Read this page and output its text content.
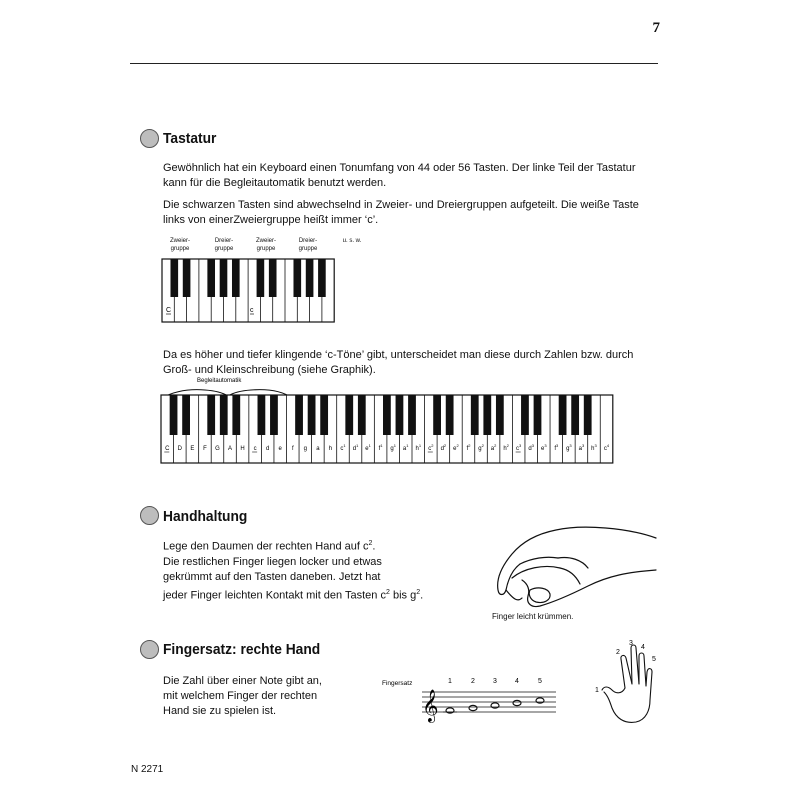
7
Tastatur
Gewöhnlich hat ein Keyboard einen Tonumfang von 44 oder 56 Tasten. Der linke Teil der Tastatur
kann für die Begleitautomatik benutzt werden.
Die schwarzen Tasten sind abwechselnd in Zweier- und Dreiergruppen aufgeteilt. Die weiße Taste
links von einerZweiergruppe heißt immer ‘c’.
Zweier-
gruppe
Dreier-
gruppe
Zweier-
gruppe
Dreier-
gruppe
u. s. w.
C	c
Da es höher und tiefer klingende ‘c-Töne’ gibt, unterscheidet man diese durch Zahlen bzw. durch
Groß- und Kleinschreibung (siehe Graphik).
Begleitautomatik
C D E F G A H c d e f g a h $c^1$
$d^1$
$e^1$
$f^1$
$g^1$
$a^1$
$h^1$
$c^2$
$d^2$
$e^2$
$f^2$
$g^2$
$a^2$
$h^2$
$c^3$
$d^3$
$e^3$
$f^3$
$g^3$
$a^3$
$h^3$
$c^4$
Handhaltung
Lege den Daumen der rechten Hand auf $c^2$.
Die restlichen Finger liegen locker und etwas
gekrümmt auf den Tasten daneben. Jetzt hat
jeder Finger leichten Kontakt mit den Tasten $c^2$ bis $g^2$.
Finger leicht krümmen.
Fingersatz: rechte Hand
Die Zahl über einer Note gibt an,
mit welchem Finger der rechten
Hand sie zu spielen ist.
Fingersatz
𝄞
1	2	3	4	5
1
2
3
4
5
N 2271
